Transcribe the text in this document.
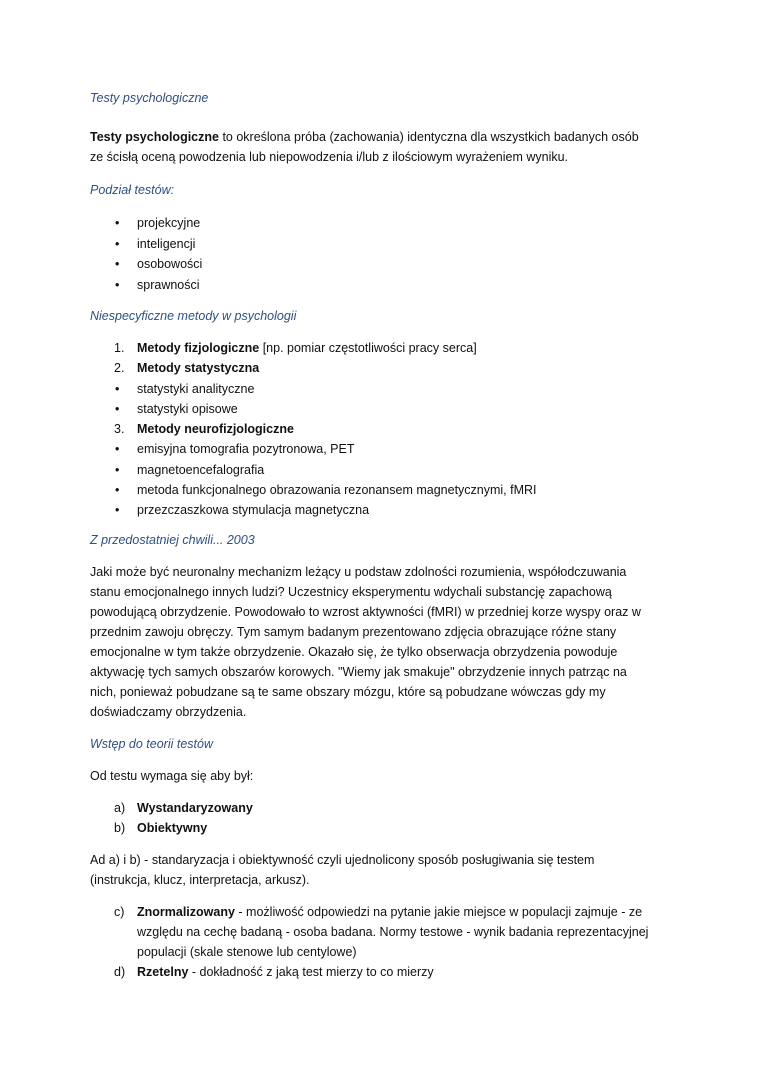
Testy psychologiczne

Testy psychologiczne to określona próba (zachowania) identyczna dla wszystkich badanych osób ze ścisłą oceną powodzenia lub niepowodzenia i/lub z ilościowym wyrażeniem wyniku.

Podział testów:

• projekcyjne
• inteligencji
• osobowości
• sprawności

Niespecyficzne metody w psychologii

1. Metody fizjologiczne [np. pomiar częstotliwości pracy serca]
2. Metody statystyczna
• statystyki analityczne
• statystyki opisowe
3. Metody neurofizjologiczne
• emisyjna tomografia pozytronowa, PET
• magnetoencefalografia
• metoda funkcjonalnego obrazowania rezonansem magnetycznymi, fMRI
• przezczaszkowa stymulacja magnetyczna

Z przedostatniej chwili... 2003

Jaki może być neuronalny mechanizm leżący u podstaw zdolności rozumienia, współodczuwania stanu emocjonalnego innych ludzi? Uczestnicy eksperymentu wdychali substancję zapachową powodującą obrzydzenie. Powodowało to wzrost aktywności (fMRI) w przedniej korze wyspy oraz w przednim zawoju obręczy. Tym samym badanym prezentowano zdjęcia obrazujące różne stany emocjonalne w tym także obrzydzenie. Okazało się, że tylko obserwacja obrzydzenia powoduje aktywację tych samych obszarów korowych. "Wiemy jak smakuje" obrzydzenie innych patrząc na nich, ponieważ pobudzane są te same obszary mózgu, które są pobudzane wówczas gdy my doświadczamy obrzydzenia.

Wstęp do teorii testów

Od testu wymaga się aby był:

a) Wystandaryzowany
b) Obiektywny

Ad a) i b) - standaryzacja i obiektywność czyli ujednolicony sposób posługiwania się testem (instrukcja, klucz, interpretacja, arkusz).

c) Znormalizowany - możliwość odpowiedzi na pytanie jakie miejsce w populacji zajmuje - ze względu na cechę badaną - osoba badana. Normy testowe - wynik badania reprezentacyjnej populacji (skale stenowe lub centylowe)
d) Rzetelny - dokładność z jaką test mierzy to co mierzy
